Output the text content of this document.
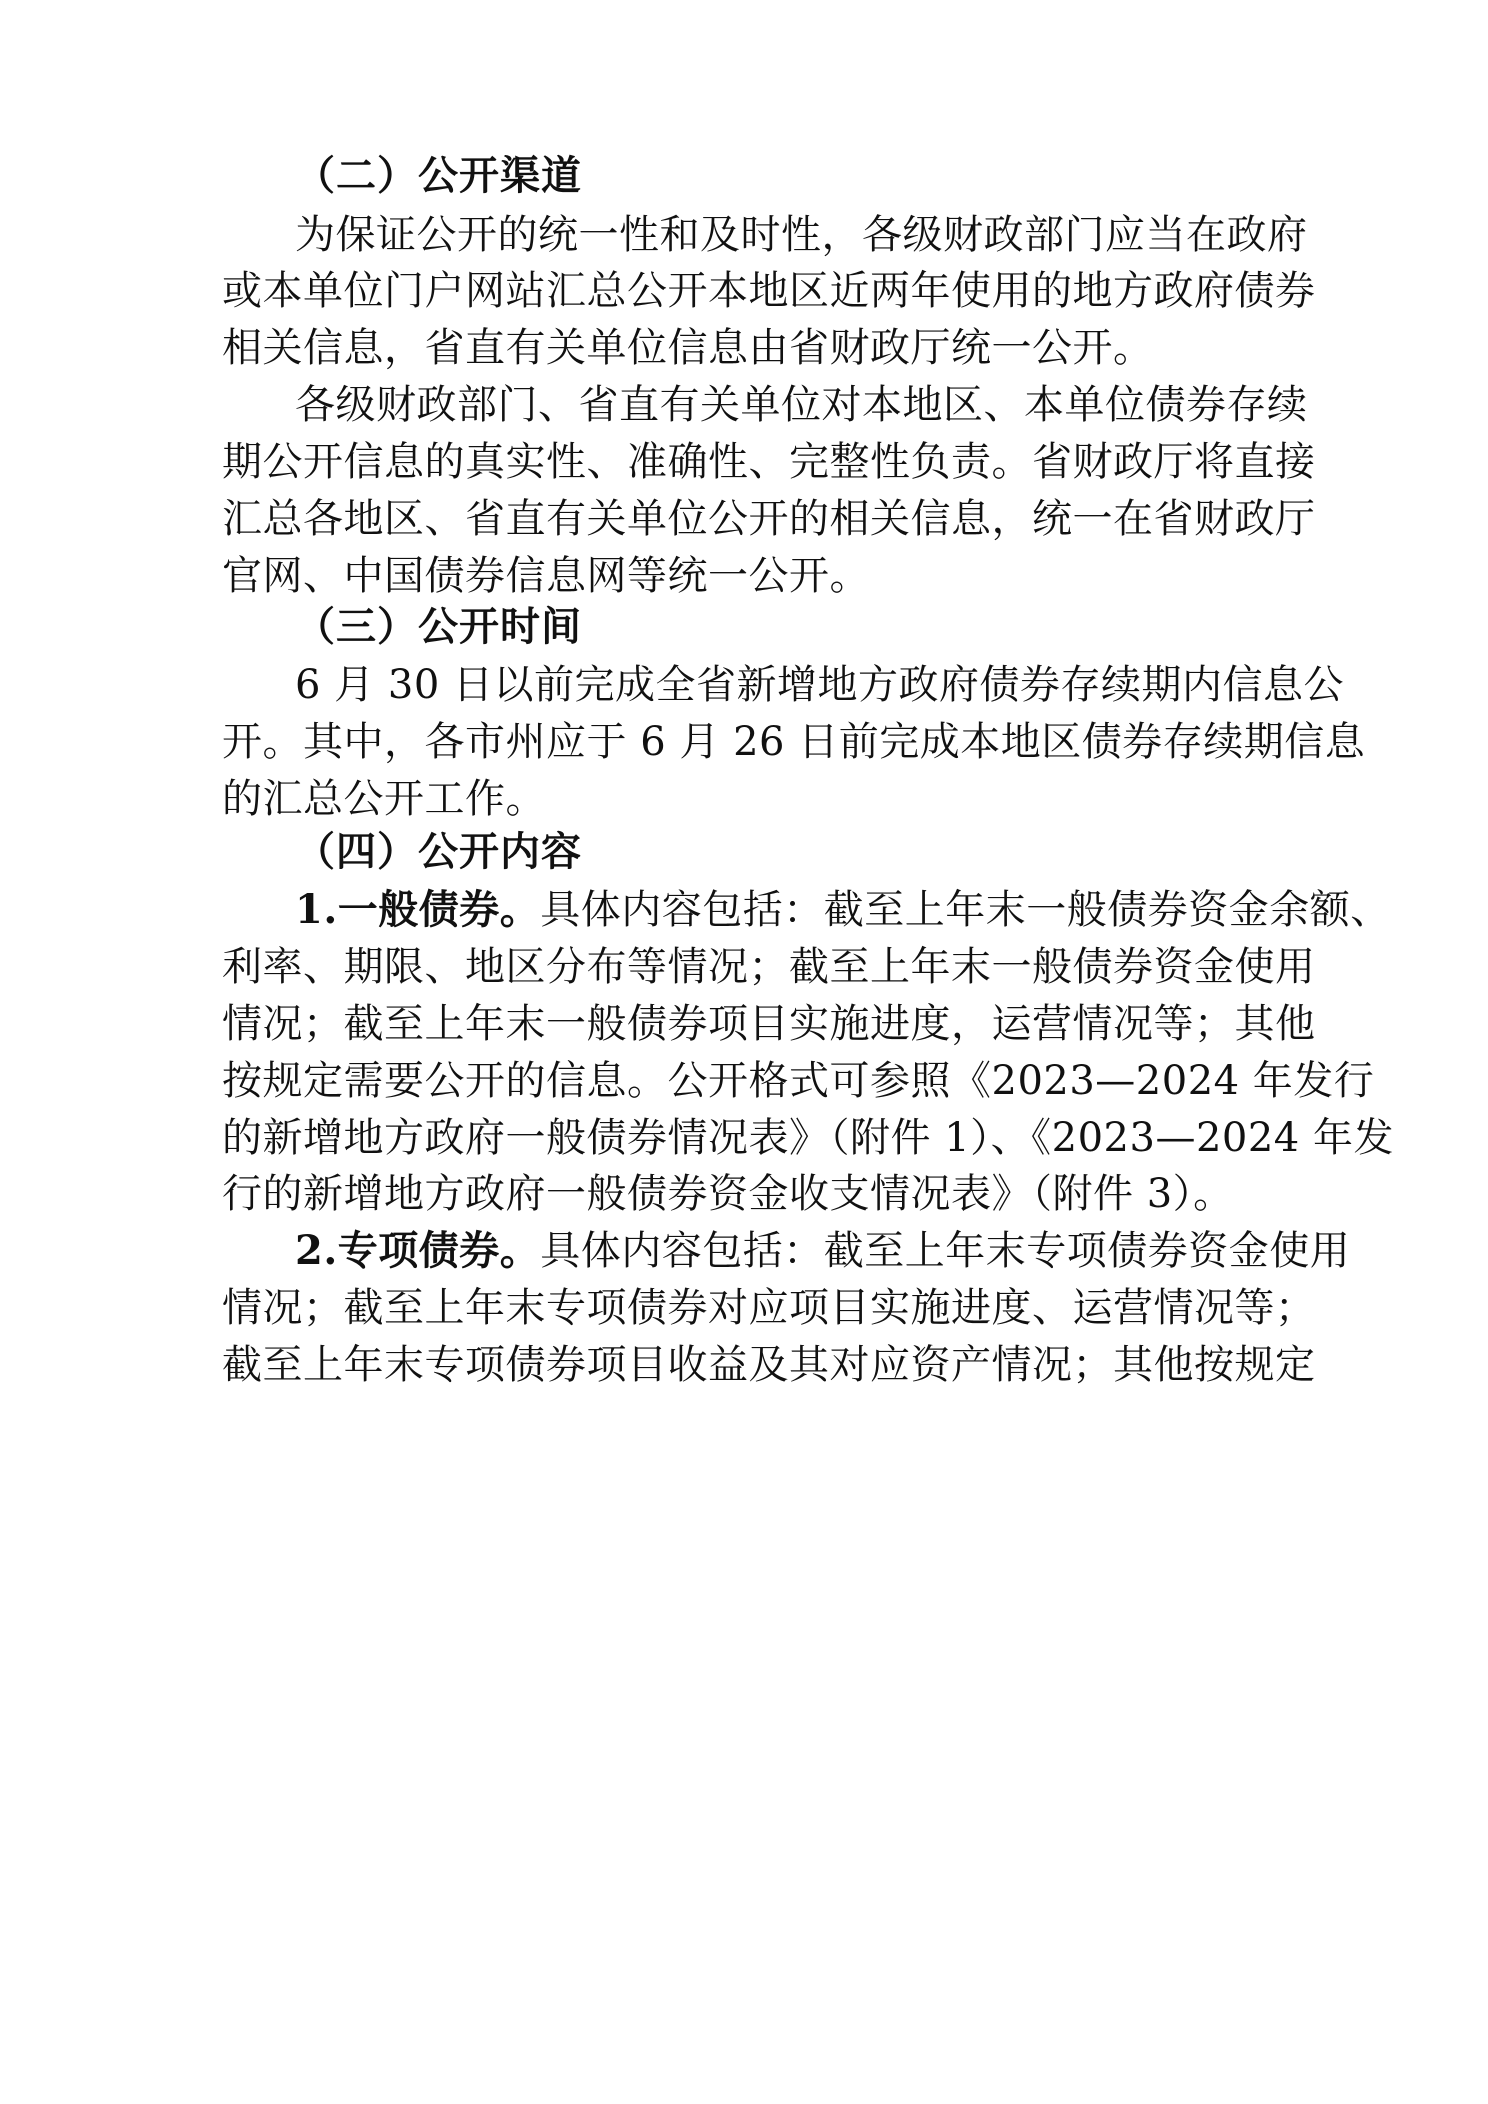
（二）公开渠道
为保证公开的统一性和及时性，各级财政部门应当在政府
或本单位门户网站汇总公开本地区近两年使用的地方政府债券
相关信息，省直有关单位信息由省财政厅统一公开。
各级财政部门、省直有关单位对本地区、本单位债券存续
期公开信息的真实性、准确性、完整性负责。省财政厅将直接
汇总各地区、省直有关单位公开的相关信息，统一在省财政厅
官网、中国债券信息网等统一公开。
（三）公开时间
6 月 30 日以前完成全省新增地方政府债券存续期内信息公
开。其中，各市州应于 6 月 26 日前完成本地区债券存续期信息
的汇总公开工作。
（四）公开内容
1.一般债券。具体内容包括：截至上年末一般债券资金余额、
利率、期限、地区分布等情况；截至上年末一般债券资金使用
情况；截至上年末一般债券项目实施进度，运营情况等；其他
按规定需要公开的信息。公开格式可参照《2023—2024 年发行
的新增地方政府一般债券情况表》（附件 1）、《2023—2024 年发
行的新增地方政府一般债券资金收支情况表》（附件 3）。
2.专项债券。具体内容包括：截至上年末专项债券资金使用
情况；截至上年末专项债券对应项目实施进度、运营情况等；
截至上年末专项债券项目收益及其对应资产情况；其他按规定
